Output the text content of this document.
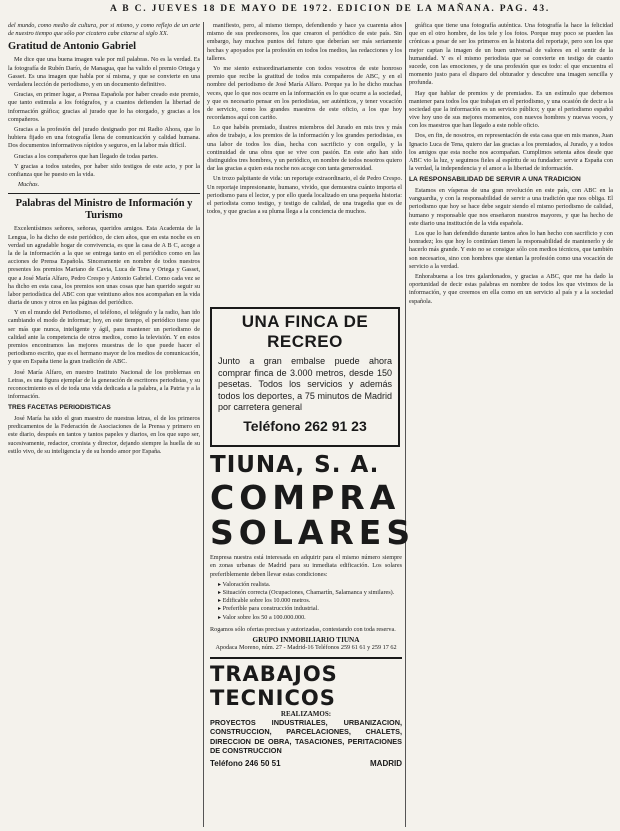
A B C. JUEVES 18 DE MAYO DE 1972. EDICION DE LA MAÑANA. PAG. 43.

del mundo, como medio de cultura, por si mismo, y como reflejo de un arte de nuestro tiempo que sólo por cicatero cabe citarse al siglo XX.

Gratitud de Antonio Gabriel

Me dice que una buena imagen vale por mil palabras. No es la verdad. Es la fotografía de Rubén Darío, de Managua, que ha valido el premio Ortega y Gasset. Es una imagen que habla por sí misma, y que se convierte en una verdadera lección de periodismo, y en un documento definitivo.

Gracias, en primer lugar, a Prensa Española por haber creado este premio, que tanto estimula a los fotógrafos, y a cuantos defienden la libertad de información gráfica; gracias al jurado que lo ha otorgado, y gracias a los compañeros.

Gracias a la profesión del jurado designado por mi Radio Ahora, que lo hubiera fijado en una fotografía llena de comunicación y calidad humana. Dos documentos informativos rápidos y seguros, en la labor más difícil.

Gracias a los compañeros que han llegado de todas partes.

Y gracias a todos ustedes, por haber sido testigos de este acto, y por la confianza que he puesto en la vida.

Muchas.

Palabras del Ministro de Información y Turismo

Excelentísimos señores, señoras, queridos amigos. Esta Academia de la Lengua, lo ha dicho de este periódico, de cien años, que en esta noche es en verdad un agradable hogar de convivencia, es que la casa de A B C, acoge a la de la información a la que se entrega tanto en el periódico como en las acciones de Prensa Española. Sinceramente en nombre de todos nuestros presentes los premios Mariano de Cavia, Luca de Tena y Ortega y Gasset, que a José María Alfaro, Pedro Crespo y Antonio Gabriel. Como cada vez se ha dicho en esta casa, los premios son unas cosas que han querido seguir su labor periodística del ABC con que veintiuno años nos acompañan en la vida diaria de unos y otros en las páginas del periódico.

Y en el mundo del Periodismo, el teléfono, el telégrafo y la radio, han ido cambiando el modo de informar; hoy, en este tiempo, el periódico tiene que ser más que nunca, inteligente y ágil, para mantener un periodismo de calidad ante la competencia de otros medios, como la televisión. Y en estos premios encontramos las mejores muestras de lo que puede hacer el periodismo escrito, que es el hermano mayor de los medios de comunicación, y que en España tiene la gran tradición de ABC.

José María Alfaro, en nuestro Instituto Nacional de los problemas en Letras, es una figura ejemplar de la generación de escritores periodistas, y su reconocimiento es el de toda una vida dedicada a la palabra, a la Patria y a la información.

TRES FACETAS PERIODISTICAS

José María ha sido el gran maestro de nuestras letras, el de los primeros predicamentos de la Federación de Asociaciones de la Prensa y primero en este diario, después en tantos y tantos papeles y diarios, en los que supo ser, sucesivamente, redactor, cronista y director, dejando siempre la huella de su estilo vivo, de su inteligencia y de su hondo amor por España.

manifiesto, pero, al mismo tiempo, defendiendo y hace ya cuarenta años mismo de sus predecesores, los que crearon el periódico de este país. Sin embargo, hay muchos puntos del futuro que deberían ser más seriamente hechas y apoyados por la profesión en todos los medios, las redacciones y los talleres.

Yo me siento extraordinariamente con todos vosotros de este honroso premio que recibe la gratitud de todos mis compañeros de ABC, y en el nombre del periodismo de José María Alfaro. Porque ya lo he dicho muchas veces, que lo que nos ocurre en la información es lo que ocurre a la sociedad, y que es necesario pensar en los periodistas, ser auténticos, y tener vocación de servicio, como los grandes maestros de este oficio, a los que hoy recordamos aquí con cariño.

Lo que habéis premiado, ilustres miembros del Jurado en mis tres y más años de trabajo, a los premios de la información y los grandes periodistas, es una labor de todos los días, hecha con sacrificio y con orgullo, y la continuidad de una obra que se vive con pasión. En este año han sido distinguidos tres hombres, y un periódico, en nombre de todos nosotros quiero dar las gracias a quien esta noche nos acoge con tanta generosidad.

Un trozo palpitante de vida: un reportaje extraordinario, el de Pedro Crespo. Un reportaje impresionante, humano, vivido, que demuestra cuánto importa el periodismo para el lector, y por ello queda localizado en una pequeña historia: el periodista como testigo, y testigo de calidad, de una tragedia que es de todos, y que gracias a su pluma llega a la conciencia de muchos.

UNA FINCA DE RECREO
Junto a gran embalse puede ahora comprar finca de 3.000 metros, desde 150 pesetas. Todos los servicios y además todos los deportes, a 75 minutos de Madrid por carretera general
Teléfono 262 91 23
TIUNA, S. A.
COMPRA
SOLARES
Empresa nuestra está interesada en adquirir para el mismo número siempre en zonas urbanas de Madrid para su inmediata edificación. Los solares preferiblemente deben llevar estas condiciones:
▸ Valoración realista.
▸ Situación correcta (Ocupaciones, Chamartín, Salamanca y similares).
▸ Edificable sobre los 10.000 metros.
▸ Preferible para construcción industrial.
▸ Valor sobre los 50 a 100.000.000.
Rogamos sólo ofertas precisas y autorizadas, contestando con toda reserva.
GRUPO INMOBILIARIO TIUNA
Apodaca Moreno, núm. 27 - Madrid-16 Teléfonos 259 61 61 y 259 17 62
TRABAJOS TECNICOS
REALIZAMOS:
PROYECTOS INDUSTRIALES, URBANIZACION, CONSTRUCCION, PARCELACIONES, CHALETS, DIRECCION DE OBRA, TASACIONES, PERITACIONES DE CONSTRUCCION
Teléfono 246 50 51	MADRID

gráfica que tiene una fotografía auténtica. Una fotografía la hace la felicidad que en el otro hombre, de los tele y los fotos. Porque muy poco se pueden las crónicas a pesar de ser los primeros en la historia del reportaje, pero son los que mejor captan la imagen de un buen universal de valores en el sentir de la humanidad. Y es el mismo periodista que se convierte en testigo de cuanto sucede, con las emociones, y de una profesión que es todo: el que encuentra el momento justo para el disparo del obturador y descubre una imagen sencilla y profunda.

Hay que hablar de premios y de premiados. Es un estímulo que debemos mantener para todos los que trabajan en el periodismo, y una ocasión de decir a la sociedad que la información es un servicio público; y que el periodismo español vive hoy uno de sus mejores momentos, con nuevos hombres y nuevas voces, y con los maestros que han llegado a este noble oficio.

Dos, en fin, de nosotros, en representación de esta casa que en mis manos, Juan Ignacio Luca de Tena, quiero dar las gracias a los premiados, al Jurado, y a todos los amigos que esta noche nos acompañan. Cumplimos setenta años desde que ABC vio la luz, y seguimos fieles al espíritu de su fundador: servir a España con la verdad, la independencia y el amor a la libertad de información.

LA RESPONSABILIDAD DE SERVIR A UNA TRADICION

Estamos en vísperas de una gran revolución en este país, con ABC en la vanguardia, y con la responsabilidad de servir a una tradición que nos obliga. El periodismo que hoy se hace debe seguir siendo el mismo periodismo de calidad, humano y responsable que nos enseñaron nuestros mayores, y que ha hecho de este diario una institución de la vida española.

Los que lo han defendido durante tantos años lo han hecho con sacrificio y con honradez; los que hoy lo continúan tienen la responsabilidad de mantenerlo y de hacerlo más grande. Y esto no se consigue sólo con medios técnicos, que también son necesarios, sino con hombres que sientan la profesión como una vocación de servicio a la verdad.

Enhorabuena a los tres galardonados, y gracias a ABC, que me ha dado la oportunidad de decir estas palabras en nombre de todos los que vivimos de la información, y que creemos en ella como en un servicio al país y a la sociedad española.
